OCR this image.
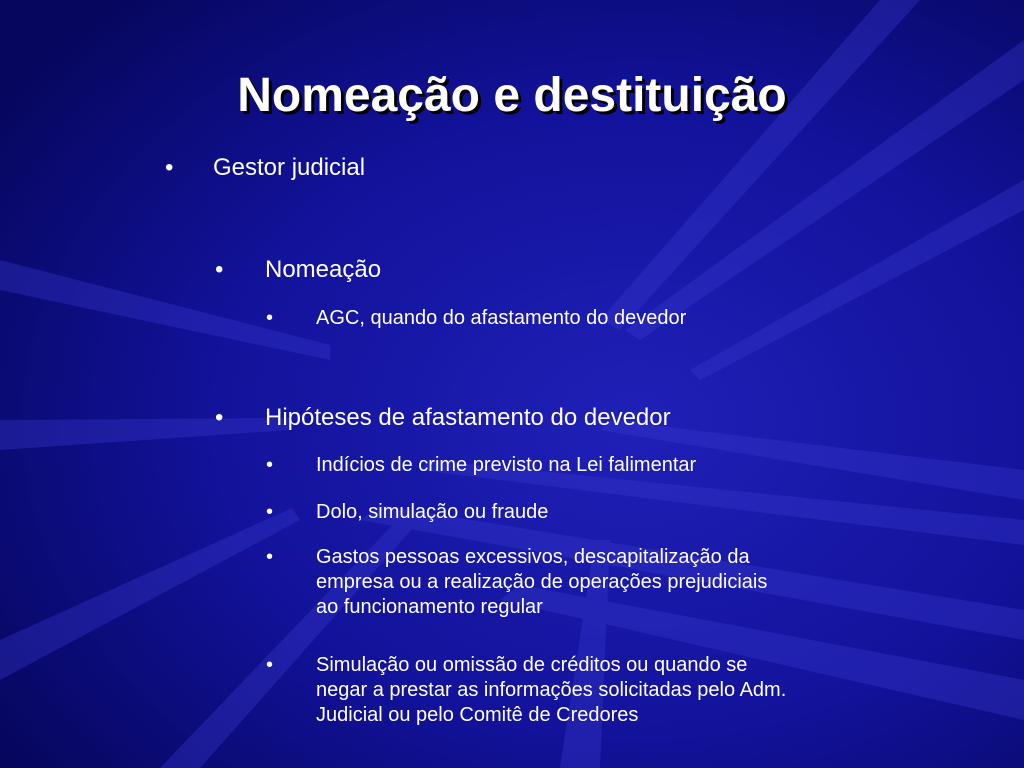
Nomeação e destituição
• Gestor judicial
• Nomeação
• AGC, quando do afastamento do devedor
• Hipóteses de afastamento do devedor
• Indícios de crime previsto na Lei falimentar
• Dolo, simulação ou fraude
• Gastos pessoas excessivos, descapitalização da
empresa ou a realização de operações prejudiciais
ao funcionamento regular
• Simulação ou omissão de créditos ou quando se
negar a prestar as informações solicitadas pelo Adm.
Judicial ou pelo Comitê de Credores
